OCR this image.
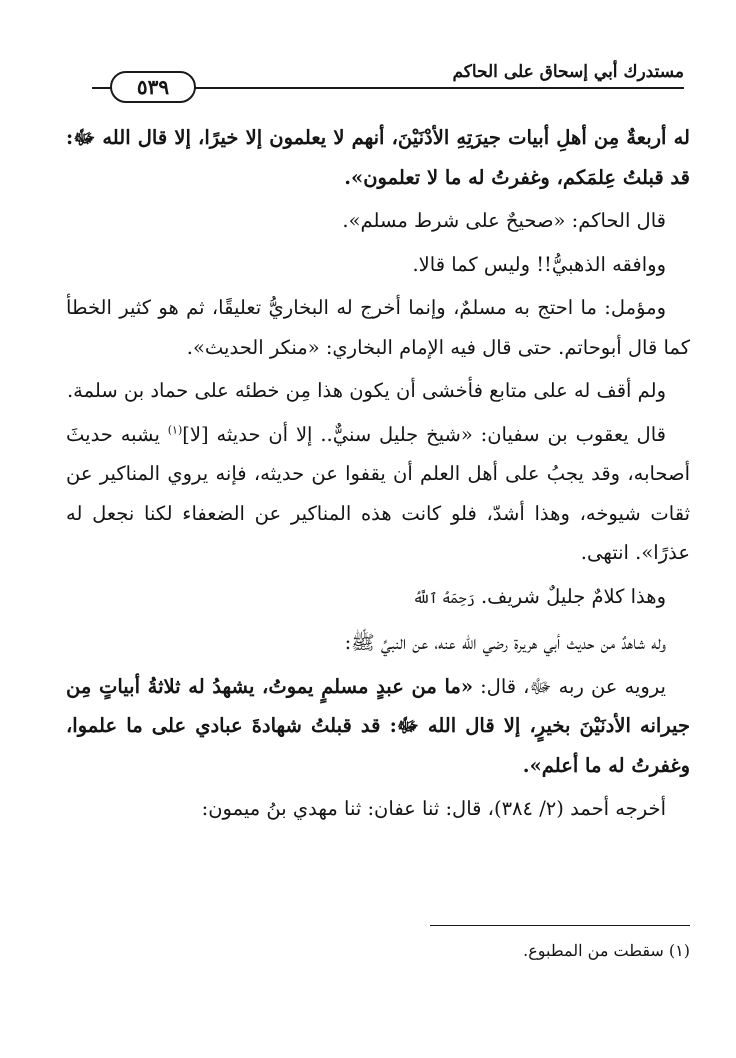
٥٣٩
مستدرك أبي إسحاق على الحاكم

له أربعةٌ مِن أهلِ أبيات جيرَتِهِ الأدْنَيْنَ، أنهم لا يعلمون إلا خيرًا، إلا قال الله ﷻ: قد قبلتُ عِلمَكم، وغفرتُ له ما لا تعلمون».

قال الحاكم: «صحيحٌ على شرط مسلم».

ووافقه الذهبيُّ!! وليس كما قالا.

ومؤمل: ما احتج به مسلمٌ، وإنما أخرج له البخاريُّ تعليقًا، ثم هو كثير الخطأ كما قال أبوحاتم. حتى قال فيه الإمام البخاري: «منكر الحديث».

ولم أقف له على متابع فأخشى أن يكون هذا مِن خطئه على حماد بن سلمة.

قال يعقوب بن سفيان: «شيخ جليل سنيٌّ.. إلا أن حديثه [لا]$^{(١)}$ يشبه حديثَ أصحابه، وقد يجبُ على أهل العلم أن يقفوا عن حديثه، فإنه يروي المناكير عن ثقات شيوخه، وهذا أشدّ، فلو كانت هذه المناكير عن الضعفاء لكنا نجعل له عذرًا». انتهى.

وهذا كلامٌ جليلٌ شريف. رَحِمَهُ ٱللَّهُ

وله شاهدٌ من حديث أبي هريرة رضي الله عنه، عن النبيِّ ﷺ:

يرويه عن ربه ﷻ، قال: «ما من عبدٍ مسلمٍ يموتُ، يشهدُ له ثلاثةُ أبياتٍ مِن جيرانه الأدنَيْنَ بخيرٍ، إلا قال الله ﷻ: قد قبلتُ شهادةَ عبادي على ما علموا، وغفرتُ له ما أعلم».

أخرجه أحمد (٢/ ٣٨٤)، قال: ثنا عفان: ثنا مهدي بنُ ميمون:

(١) سقطت من المطبوع.
